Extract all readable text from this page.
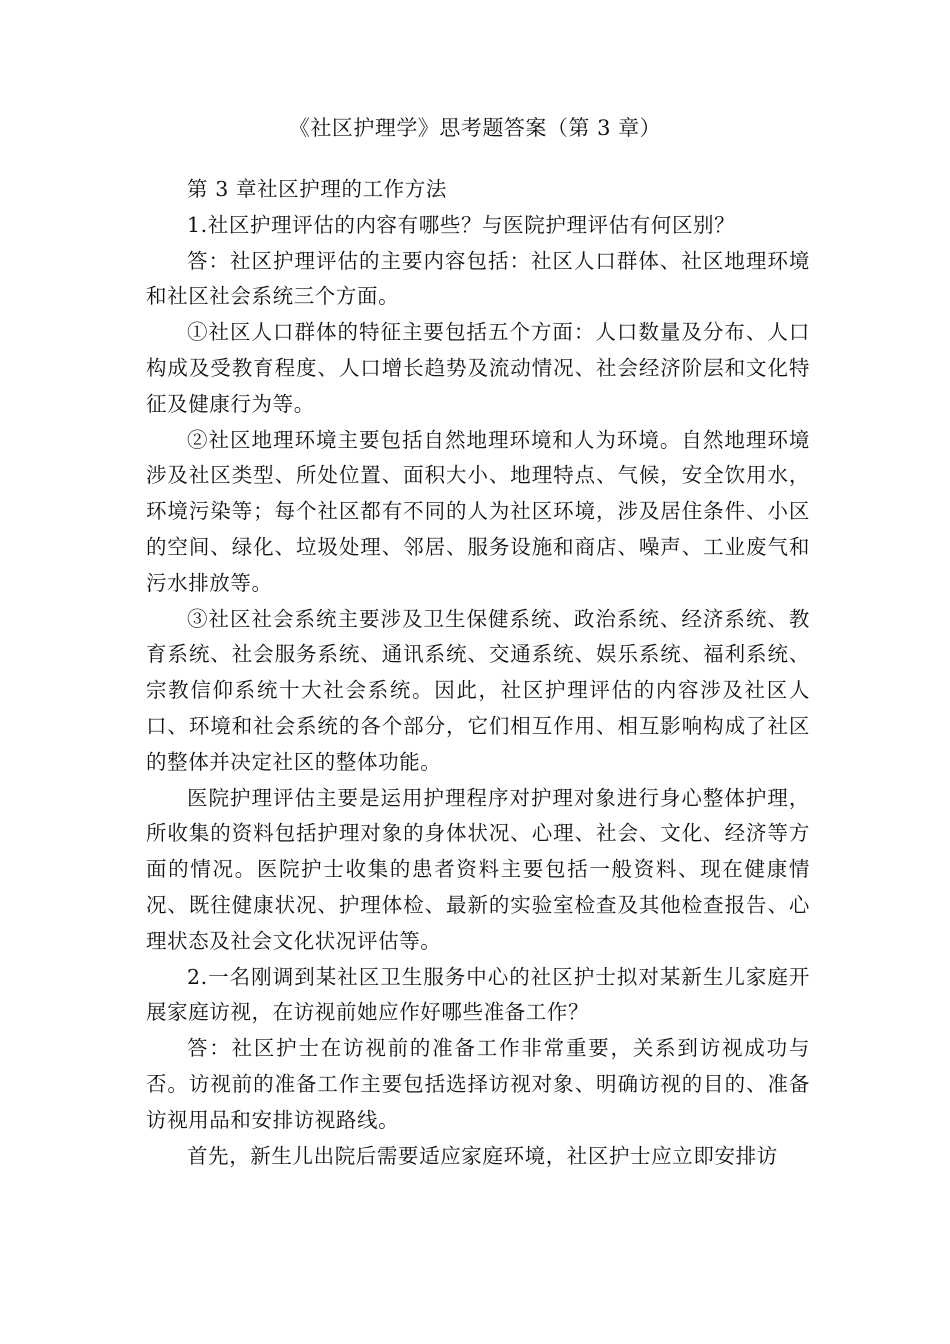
《社区护理学》思考题答案（第 3 章）

第 3 章社区护理的工作方法

1.社区护理评估的内容有哪些？与医院护理评估有何区别？

答：社区护理评估的主要内容包括：社区人口群体、社区地理环境和社区社会系统三个方面。

①社区人口群体的特征主要包括五个方面：人口数量及分布、人口构成及受教育程度、人口增长趋势及流动情况、社会经济阶层和文化特征及健康行为等。

②社区地理环境主要包括自然地理环境和人为环境。自然地理环境涉及社区类型、所处位置、面积大小、地理特点、气候，安全饮用水，环境污染等；每个社区都有不同的人为社区环境，涉及居住条件、小区的空间、绿化、垃圾处理、邻居、服务设施和商店、噪声、工业废气和污水排放等。

③社区社会系统主要涉及卫生保健系统、政治系统、经济系统、教育系统、社会服务系统、通讯系统、交通系统、娱乐系统、福利系统、宗教信仰系统十大社会系统。因此，社区护理评估的内容涉及社区人口、环境和社会系统的各个部分，它们相互作用、相互影响构成了社区的整体并决定社区的整体功能。

医院护理评估主要是运用护理程序对护理对象进行身心整体护理，所收集的资料包括护理对象的身体状况、心理、社会、文化、经济等方面的情况。医院护士收集的患者资料主要包括一般资料、现在健康情况、既往健康状况、护理体检、最新的实验室检查及其他检查报告、心理状态及社会文化状况评估等。

2.一名刚调到某社区卫生服务中心的社区护士拟对某新生儿家庭开展家庭访视，在访视前她应作好哪些准备工作？

答：社区护士在访视前的准备工作非常重要，关系到访视成功与否。访视前的准备工作主要包括选择访视对象、明确访视的目的、准备访视用品和安排访视路线。

首先，新生儿出院后需要适应家庭环境，社区护士应立即安排访
